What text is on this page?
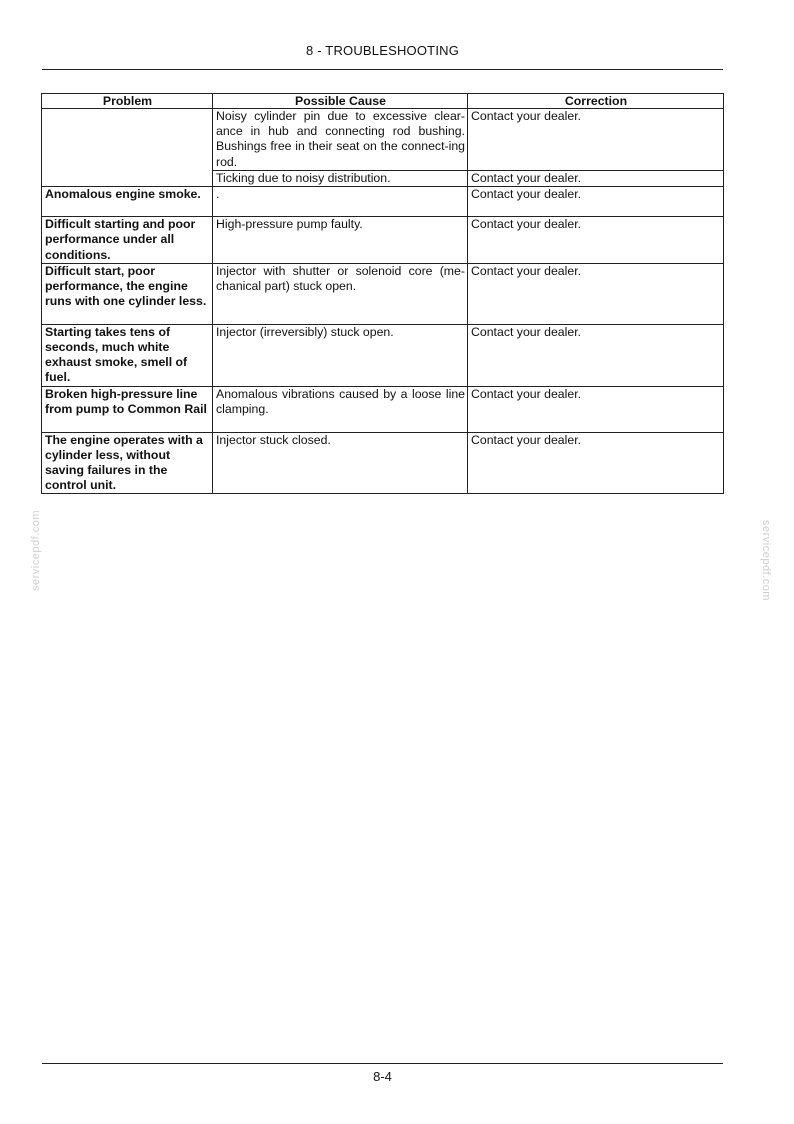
8 - TROUBLESHOOTING
servicepdf.com	servicepdf.com
Problem	Possible Cause	Correction
	Noisy cylinder pin due to excessive clear-ance in hub and connecting rod bushing. Bushings free in their seat on the connect-ing rod.	Contact your dealer.
	Ticking due to noisy distribution.	Contact your dealer.
Anomalous engine smoke.	.	Contact your dealer.
Difficult starting and poor performance under all conditions.	High-pressure pump faulty.	Contact your dealer.
Difficult start, poor performance, the engine runs with one cylinder less.	Injector with shutter or solenoid core (me-chanical part) stuck open.	Contact your dealer.
Starting takes tens of seconds, much white exhaust smoke, smell of fuel.	Injector (irreversibly) stuck open.	Contact your dealer.
Broken high-pressure line from pump to Common Rail	Anomalous vibrations caused by a loose line clamping.	Contact your dealer.
The engine operates with a cylinder less, without saving failures in the control unit.	Injector stuck closed.	Contact your dealer.
8-4
